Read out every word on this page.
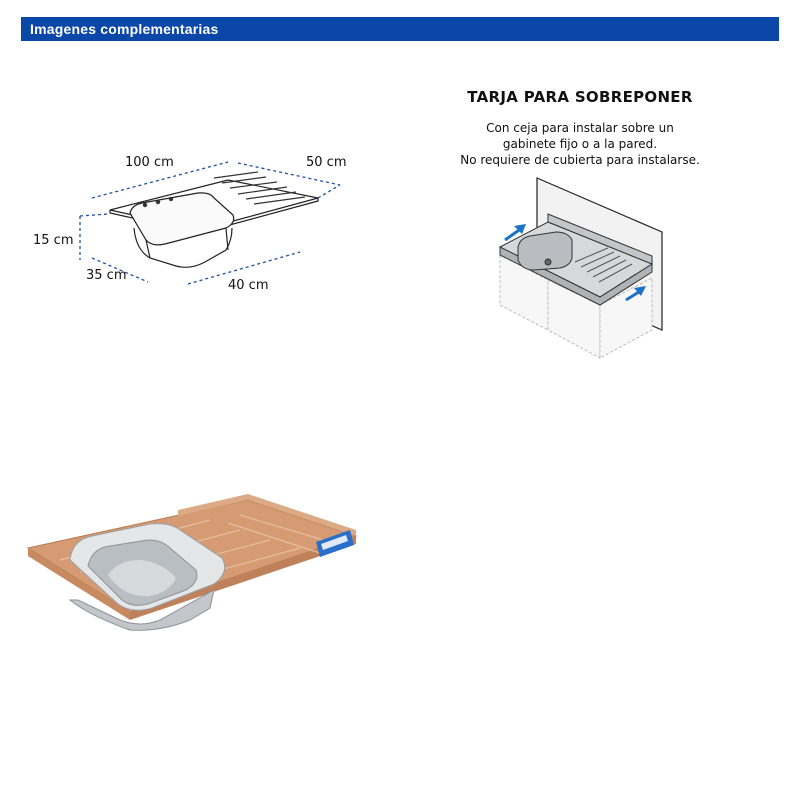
Imagenes complementarias
100 cm	50 cm
15 cm
35 cm
40 cm
TARJA PARA SOBREPONER
Con ceja para instalar sobre un
gabinete fijo o a la pared.
No requiere de cubierta para instalarse.
